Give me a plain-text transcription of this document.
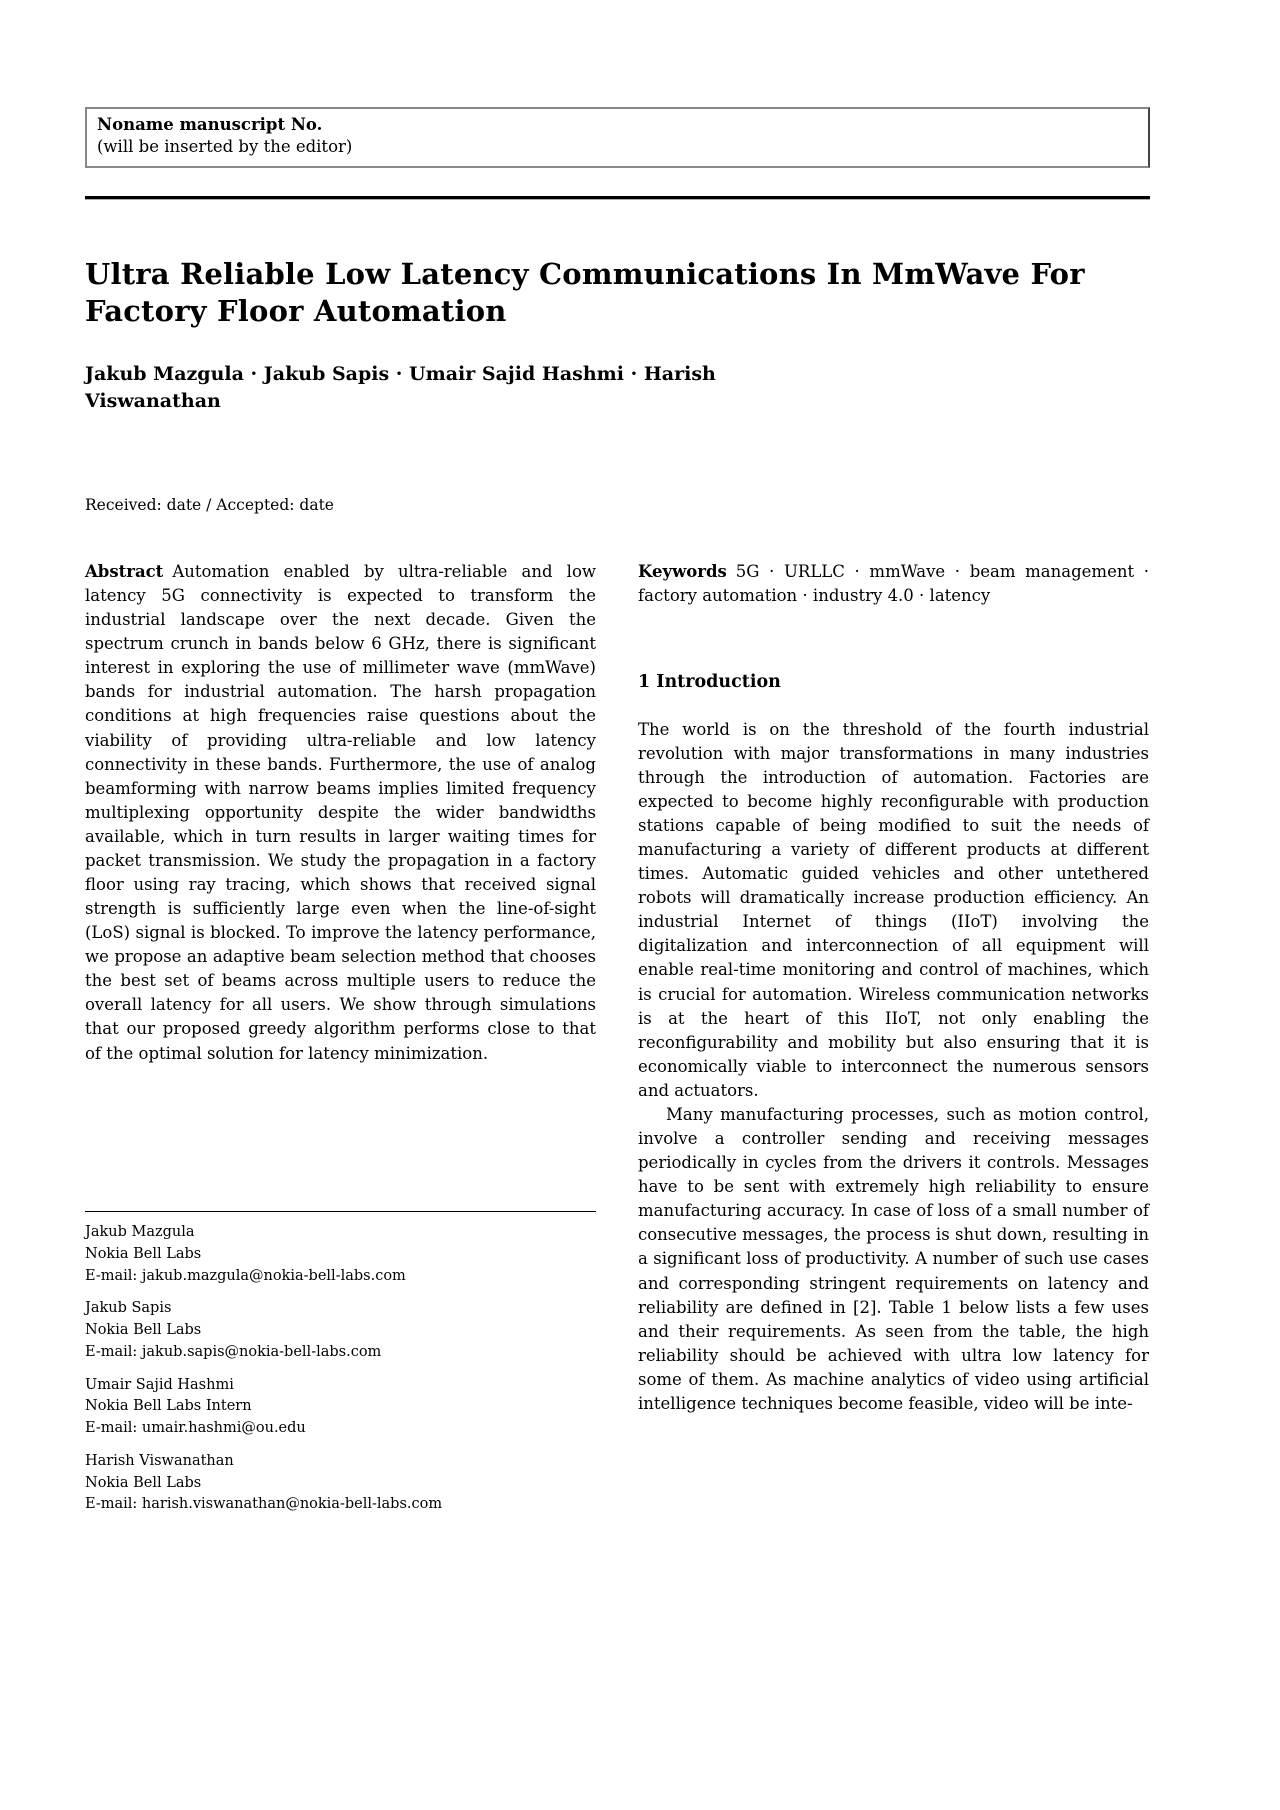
Noname manuscript No.
(will be inserted by the editor)
Ultra Reliable Low Latency Communications In MmWave For Factory Floor Automation
Jakub Mazgula · Jakub Sapis · Umair Sajid Hashmi · Harish Viswanathan
Received: date / Accepted: date

Abstract Automation enabled by ultra-reliable and low latency 5G connectivity is expected to transform the industrial landscape over the next decade. Given the spectrum crunch in bands below 6 GHz, there is significant interest in exploring the use of millimeter wave (mmWave) bands for industrial automation. The harsh propagation conditions at high frequencies raise questions about the viability of providing ultra-reliable and low latency connectivity in these bands. Furthermore, the use of analog beamforming with narrow beams implies limited frequency multiplexing opportunity despite the wider bandwidths available, which in turn results in larger waiting times for packet transmission. We study the propagation in a factory floor using ray tracing, which shows that received signal strength is sufficiently large even when the line-of-sight (LoS) signal is blocked. To improve the latency performance, we propose an adaptive beam selection method that chooses the best set of beams across multiple users to reduce the overall latency for all users. We show through simulations that our proposed greedy algorithm performs close to that of the optimal solution for latency minimization.

Jakub Mazgula
Nokia Bell Labs
E-mail: jakub.mazgula@nokia-bell-labs.com
Jakub Sapis
Nokia Bell Labs
E-mail: jakub.sapis@nokia-bell-labs.com
Umair Sajid Hashmi
Nokia Bell Labs Intern
E-mail: umair.hashmi@ou.edu
Harish Viswanathan
Nokia Bell Labs
E-mail: harish.viswanathan@nokia-bell-labs.com

Keywords 5G · URLLC · mmWave · beam management · factory automation · industry 4.0 · latency

1 Introduction

The world is on the threshold of the fourth industrial revolution with major transformations in many industries through the introduction of automation. Factories are expected to become highly reconfigurable with production stations capable of being modified to suit the needs of manufacturing a variety of different products at different times. Automatic guided vehicles and other untethered robots will dramatically increase production efficiency. An industrial Internet of things (IIoT) involving the digitalization and interconnection of all equipment will enable real-time monitoring and control of machines, which is crucial for automation. Wireless communication networks is at the heart of this IIoT, not only enabling the reconfigurability and mobility but also ensuring that it is economically viable to interconnect the numerous sensors and actuators.

Many manufacturing processes, such as motion control, involve a controller sending and receiving messages periodically in cycles from the drivers it controls. Messages have to be sent with extremely high reliability to ensure manufacturing accuracy. In case of loss of a small number of consecutive messages, the process is shut down, resulting in a significant loss of productivity. A number of such use cases and corresponding stringent requirements on latency and reliability are defined in [2]. Table 1 below lists a few uses and their requirements. As seen from the table, the high reliability should be achieved with ultra low latency for some of them. As machine analytics of video using artificial intelligence techniques become feasible, video will be inte-
